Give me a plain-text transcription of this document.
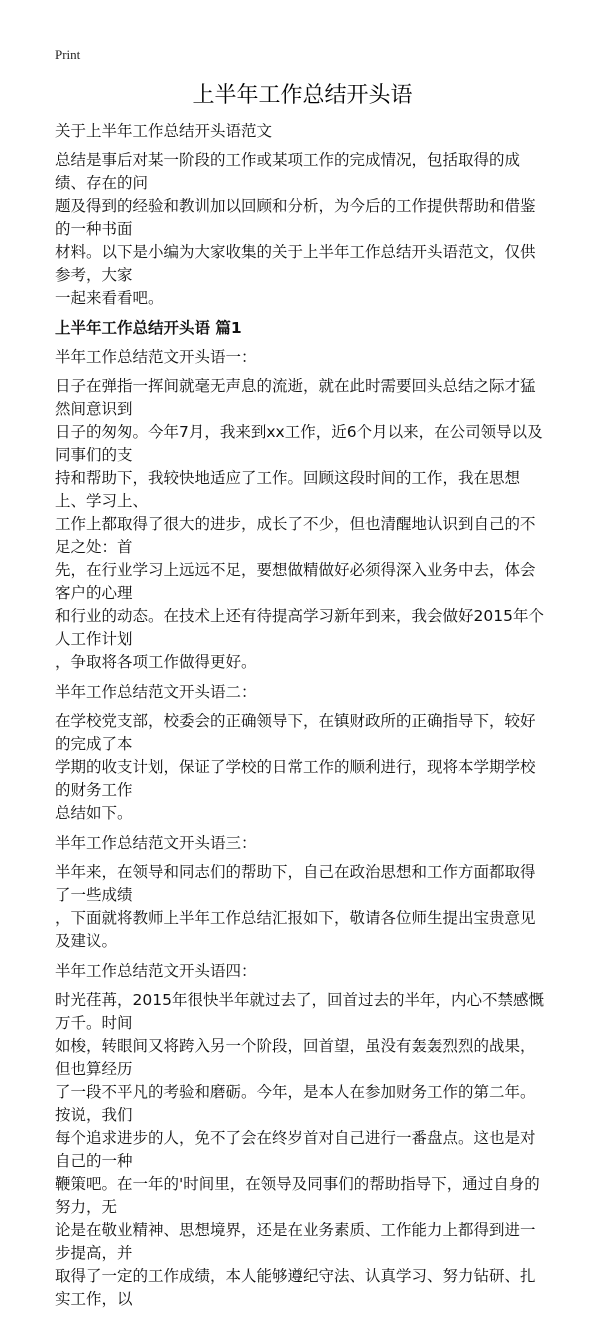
Print
上半年工作总结开头语
关于上半年工作总结开头语范文
总结是事后对某一阶段的工作或某项工作的完成情况，包括取得的成绩、存在的问
题及得到的经验和教训加以回顾和分析，为今后的工作提供帮助和借鉴的一种书面
材料。以下是小编为大家收集的关于上半年工作总结开头语范文，仅供参考，大家
一起来看看吧。
上半年工作总结开头语 篇1
半年工作总结范文开头语一：
日子在弹指一挥间就毫无声息的流逝，就在此时需要回头总结之际才猛然间意识到
日子的匆匆。今年7月，我来到xx工作，近6个月以来，在公司领导以及同事们的支
持和帮助下，我较快地适应了工作。回顾这段时间的工作，我在思想上、学习上、
工作上都取得了很大的进步，成长了不少，但也清醒地认识到自己的不足之处：首
先，在行业学习上远远不足，要想做精做好必须得深入业务中去，体会客户的心理
和行业的动态。在技术上还有待提高学习新年到来，我会做好2015年个人工作计划
，争取将各项工作做得更好。
半年工作总结范文开头语二：
在学校党支部，校委会的正确领导下，在镇财政所的正确指导下，较好的完成了本
学期的收支计划，保证了学校的日常工作的顺利进行，现将本学期学校的财务工作
总结如下。
半年工作总结范文开头语三：
半年来，在领导和同志们的帮助下，自己在政治思想和工作方面都取得了一些成绩
，下面就将教师上半年工作总结汇报如下，敬请各位师生提出宝贵意见及建议。
半年工作总结范文开头语四：
时光荏苒，2015年很快半年就过去了，回首过去的半年，内心不禁感慨万千。时间
如梭，转眼间又将跨入另一个阶段，回首望，虽没有轰轰烈烈的战果，但也算经历
了一段不平凡的考验和磨砺。今年，是本人在参加财务工作的第二年。按说，我们
每个追求进步的人，免不了会在终岁首对自己进行一番盘点。这也是对自己的一种
鞭策吧。在一年的'时间里，在领导及同事们的帮助指导下，通过自身的努力，无
论是在敬业精神、思想境界，还是在业务素质、工作能力上都得到进一步提高，并
取得了一定的工作成绩，本人能够遵纪守法、认真学习、努力钻研、扎实工作，以
